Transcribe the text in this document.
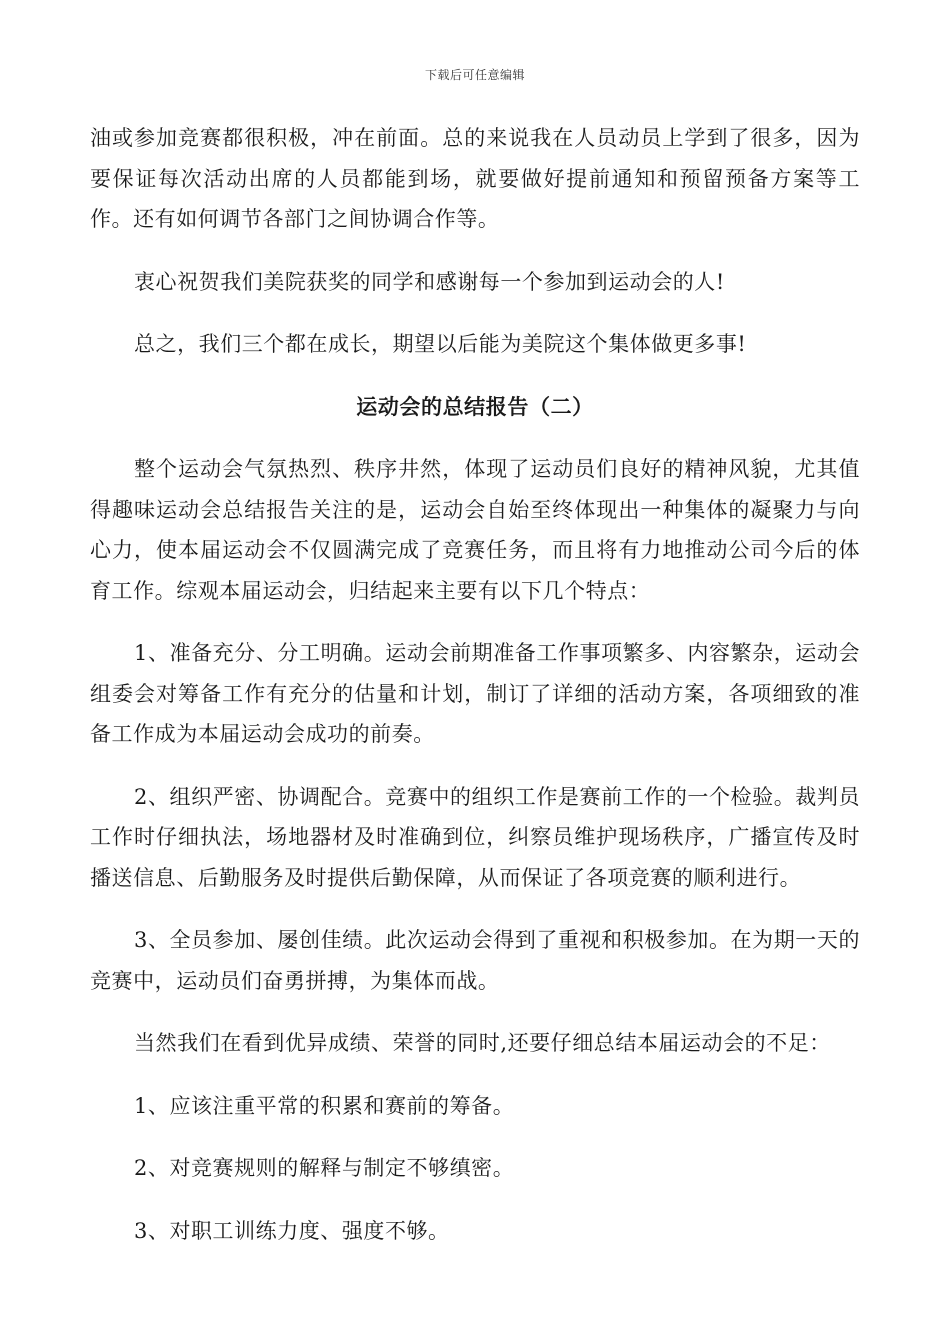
下载后可任意编辑

油或参加竞赛都很积极，冲在前面。总的来说我在人员动员上学到了很多，因为要保证每次活动出席的人员都能到场，就要做好提前通知和预留预备方案等工作。还有如何调节各部门之间协调合作等。

衷心祝贺我们美院获奖的同学和感谢每一个参加到运动会的人!

总之，我们三个都在成长，期望以后能为美院这个集体做更多事!

运动会的总结报告（二）

整个运动会气氛热烈、秩序井然，体现了运动员们良好的精神风貌，尤其值得趣味运动会总结报告关注的是，运动会自始至终体现出一种集体的凝聚力与向心力，使本届运动会不仅圆满完成了竞赛任务，而且将有力地推动公司今后的体育工作。综观本届运动会，归结起来主要有以下几个特点：

1、准备充分、分工明确。运动会前期准备工作事项繁多、内容繁杂，运动会组委会对筹备工作有充分的估量和计划，制订了详细的活动方案，各项细致的准备工作成为本届运动会成功的前奏。

2、组织严密、协调配合。竞赛中的组织工作是赛前工作的一个检验。裁判员工作时仔细执法，场地器材及时准确到位，纠察员维护现场秩序，广播宣传及时播送信息、后勤服务及时提供后勤保障，从而保证了各项竞赛的顺利进行。

3、全员参加、屡创佳绩。此次运动会得到了重视和积极参加。在为期一天的竞赛中，运动员们奋勇拼搏，为集体而战。

当然我们在看到优异成绩、荣誉的同时,还要仔细总结本届运动会的不足：

1、应该注重平常的积累和赛前的筹备。

2、对竞赛规则的解释与制定不够缜密。

3、对职工训练力度、强度不够。
